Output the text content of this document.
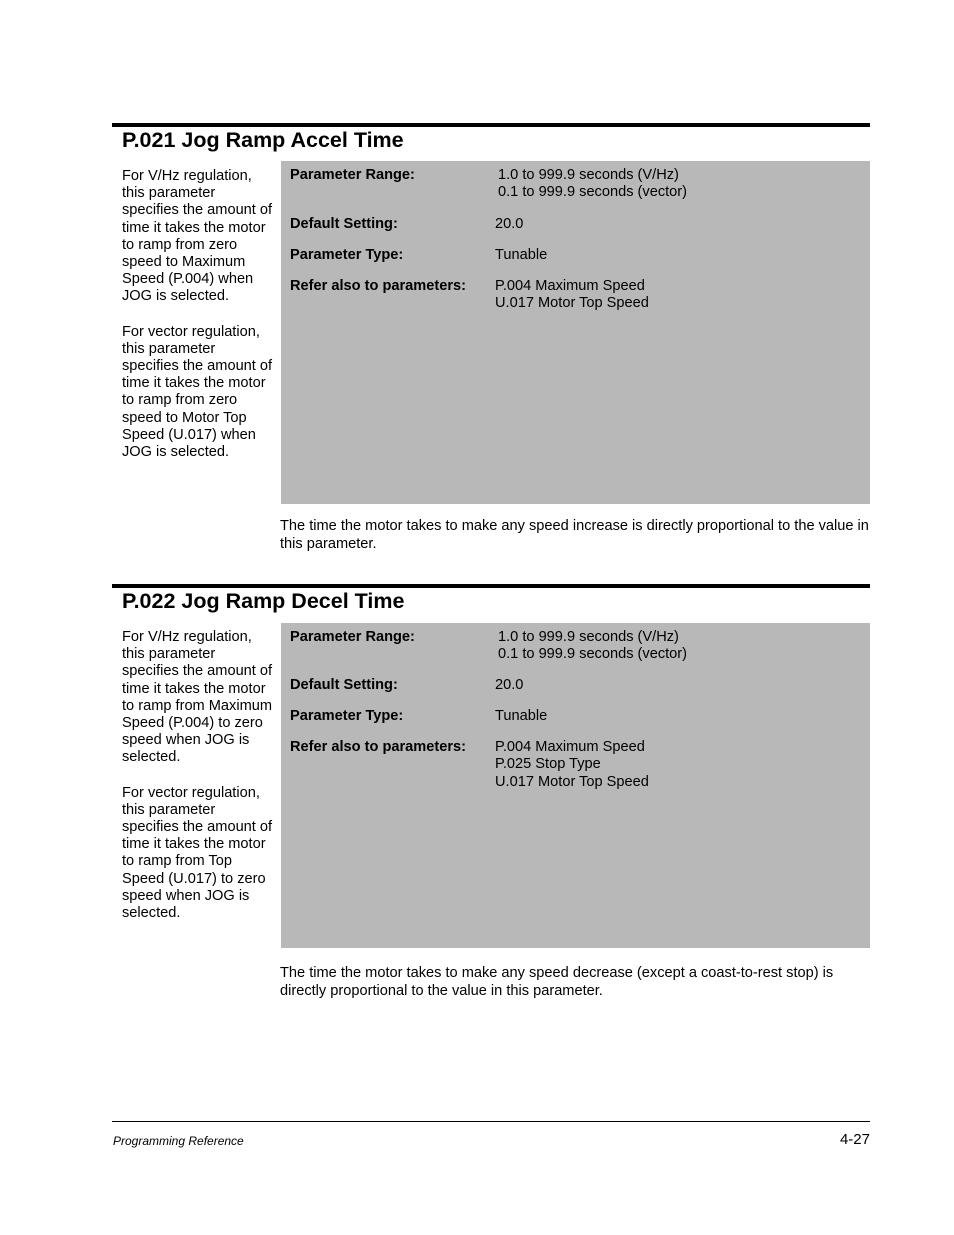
P.021 Jog Ramp Accel Time

For V/Hz regulation, this parameter specifies the amount of time it takes the motor to ramp from zero speed to Maximum Speed (P.004) when JOG is selected.

For vector regulation, this parameter specifies the amount of time it takes the motor to ramp from zero speed to Motor Top Speed (U.017) when JOG is selected.

Parameter Range:	1.0 to 999.9 seconds (V/Hz)
0.1 to 999.9 seconds (vector)
Default Setting:	20.0
Parameter Type:	Tunable
Refer also to parameters: P.004 Maximum Speed
U.017 Motor Top Speed
The time the motor takes to make any speed increase is directly proportional to the value in this parameter.
P.022 Jog Ramp Decel Time

For V/Hz regulation, this parameter specifies the amount of time it takes the motor to ramp from Maximum Speed (P.004) to zero speed when JOG is selected.

For vector regulation, this parameter specifies the amount of time it takes the motor to ramp from Top Speed (U.017) to zero speed when JOG is selected.

Parameter Range:	1.0 to 999.9 seconds (V/Hz)
0.1 to 999.9 seconds (vector)
Default Setting:	20.0
Parameter Type:	Tunable
Refer also to parameters: P.004 Maximum Speed
P.025 Stop Type
U.017 Motor Top Speed
The time the motor takes to make any speed decrease (except a coast-to-rest stop) is directly proportional to the value in this parameter.
Programming Reference	4-27
